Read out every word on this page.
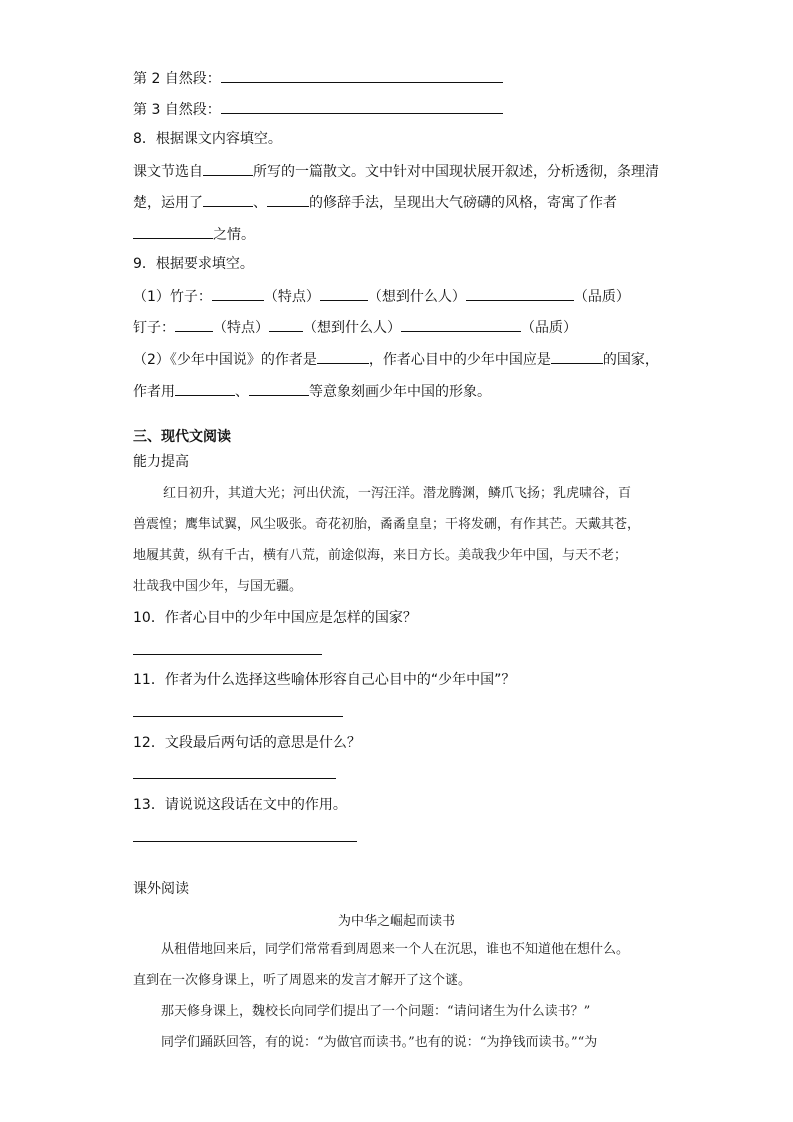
第 2 自然段：
第 3 自然段：
8．根据课文内容填空。
课文节选自	所写的一篇散文。文中针对中国现状展开叙述，分析透彻，条理清
楚，运用了	、	的修辞手法，呈现出大气磅礴的风格，寄寓了作者
之情。
9．根据要求填空。
（1）竹子：	（特点）	（想到什么人）	（品质）
钉子：	（特点） （想到什么人）	（品质）
（2）《少年中国说》的作者是	，作者心目中的少年中国应是	的国家，
作者用	、	等意象刻画少年中国的形象。
三、现代文阅读
能力提高
红日初升，其道大光；河出伏流，一泻汪洋。潜龙腾渊，鳞爪飞扬；乳虎啸谷，百
兽震惶；鹰隼试翼，风尘吸张。奇花初胎，矞矞皇皇；干将发硎，有作其芒。天戴其苍，
地履其黄，纵有千古，横有八荒，前途似海，来日方长。美哉我少年中国，与天不老；
壮哉我中国少年，与国无疆。
10．作者心目中的少年中国应是怎样的国家？
11．作者为什么选择这些喻体形容自己心目中的“少年中国”？
12．文段最后两句话的意思是什么？
13．请说说这段话在文中的作用。
课外阅读
为中华之崛起而读书
从租借地回来后，同学们常常看到周恩来一个人在沉思，谁也不知道他在想什么。
直到在一次修身课上，听了周恩来的发言才解开了这个谜。
那天修身课上，魏校长向同学们提出了一个问题：“请问诸生为什么读书？”
同学们踊跃回答，有的说：“为做官而读书。”也有的说：“为挣钱而读书。”“为
